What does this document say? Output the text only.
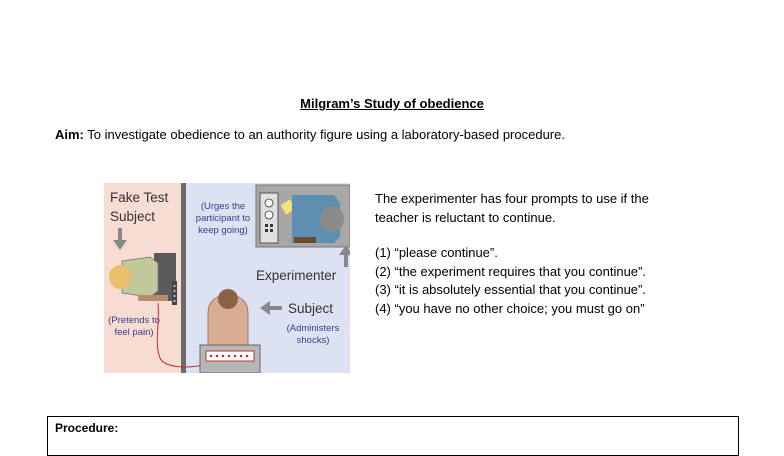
Milgram’s Study of obedience
Aim: To investigate obedience to an authority figure using a laboratory-based procedure.
Fake Test
Subject
(Pretends to
feel pain)
(Urges the
participant to
keep going)
Experimenter
Subject
(Administers
shocks)

The experimenter has four prompts to use if the

teacher is reluctant to continue.

(1) “please continue”.

(2) “the experiment requires that you continue”.

(3) “it is absolutely essential that you continue”.

(4) “you have no other choice; you must go on”

Procedure:
